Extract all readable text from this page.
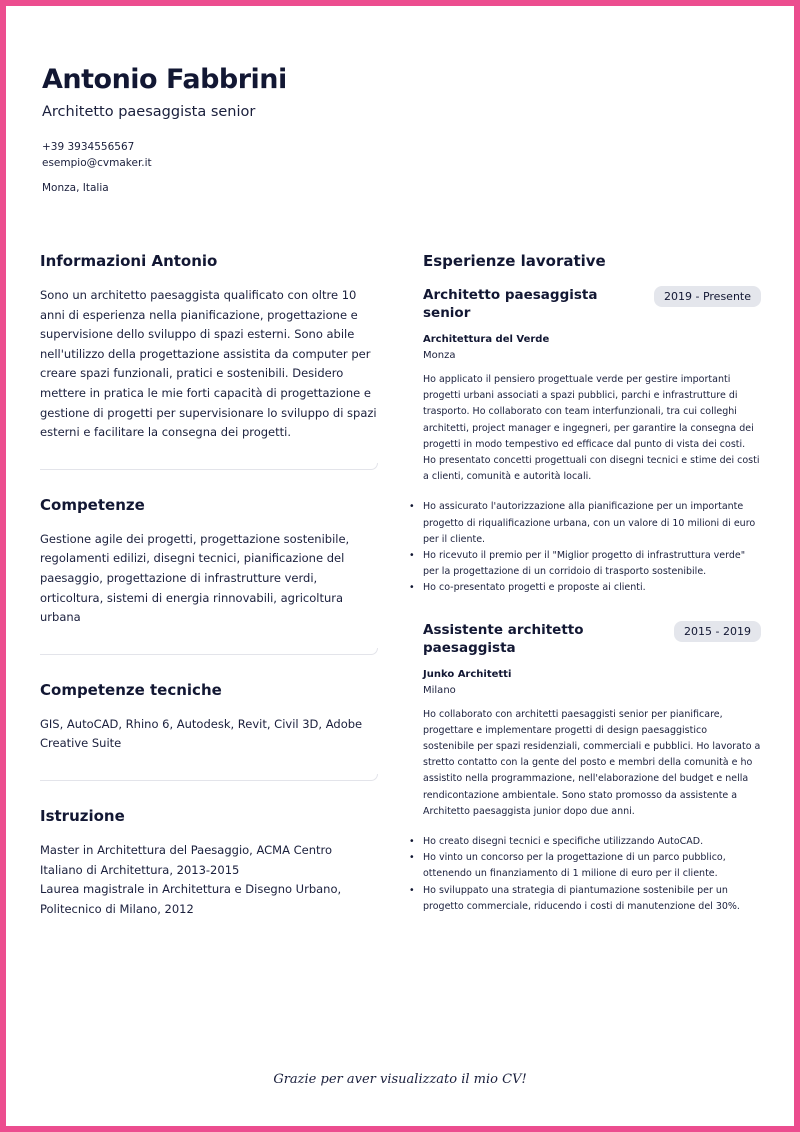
Antonio Fabbrini

Architetto paesaggista senior

+39 3934556567
esempio@cvmaker.it
Monza, Italia
Informazioni Antonio

Sono un architetto paesaggista qualificato con oltre 10 anni di esperienza nella pianificazione, progettazione e supervisione dello sviluppo di spazi esterni. Sono abile nell'utilizzo della progettazione assistita da computer per creare spazi funzionali, pratici e sostenibili. Desidero mettere in pratica le mie forti capacità di progettazione e gestione di progetti per supervisionare lo sviluppo di spazi esterni e facilitare la consegna dei progetti.

Competenze

Gestione agile dei progetti, progettazione sostenibile, regolamenti edilizi, disegni tecnici, pianificazione del paesaggio, progettazione di infrastrutture verdi, orticoltura, sistemi di energia rinnovabili, agricoltura urbana

Competenze tecniche

GIS, AutoCAD, Rhino 6, Autodesk, Revit, Civil 3D, Adobe Creative Suite

Istruzione

Master in Architettura del Paesaggio, ACMA Centro Italiano di Architettura, 2013-2015

Laurea magistrale in Architettura e Disegno Urbano, Politecnico di Milano, 2012

Esperienze lavorative
Architetto paesaggista senior
2019 - Presente

Architettura del Verde

Monza

Ho applicato il pensiero progettuale verde per gestire importanti progetti urbani associati a spazi pubblici, parchi e infrastrutture di trasporto. Ho collaborato con team interfunzionali, tra cui colleghi architetti, project manager e ingegneri, per garantire la consegna dei progetti in modo tempestivo ed efficace dal punto di vista dei costi. Ho presentato concetti progettuali con disegni tecnici e stime dei costi a clienti, comunità e autorità locali.

• Ho assicurato l'autorizzazione alla pianificazione per un importante progetto di riqualificazione urbana, con un valore di 10 milioni di euro per il cliente.
• Ho ricevuto il premio per il "Miglior progetto di infrastruttura verde" per la progettazione di un corridoio di trasporto sostenibile.
• Ho co-presentato progetti e proposte ai clienti.
Assistente architetto paesaggista
2015 - 2019

Junko Architetti

Milano

Ho collaborato con architetti paesaggisti senior per pianificare, progettare e implementare progetti di design paesaggistico sostenibile per spazi residenziali, commerciali e pubblici. Ho lavorato a stretto contatto con la gente del posto e membri della comunità e ho assistito nella programmazione, nell'elaborazione del budget e nella rendicontazione ambientale. Sono stato promosso da assistente a Architetto paesaggista junior dopo due anni.

• Ho creato disegni tecnici e specifiche utilizzando AutoCAD.
• Ho vinto un concorso per la progettazione di un parco pubblico, ottenendo un finanziamento di 1 milione di euro per il cliente.
• Ho sviluppato una strategia di piantumazione sostenibile per un progetto commerciale, riducendo i costi di manutenzione del 30%.
Grazie per aver visualizzato il mio CV!
